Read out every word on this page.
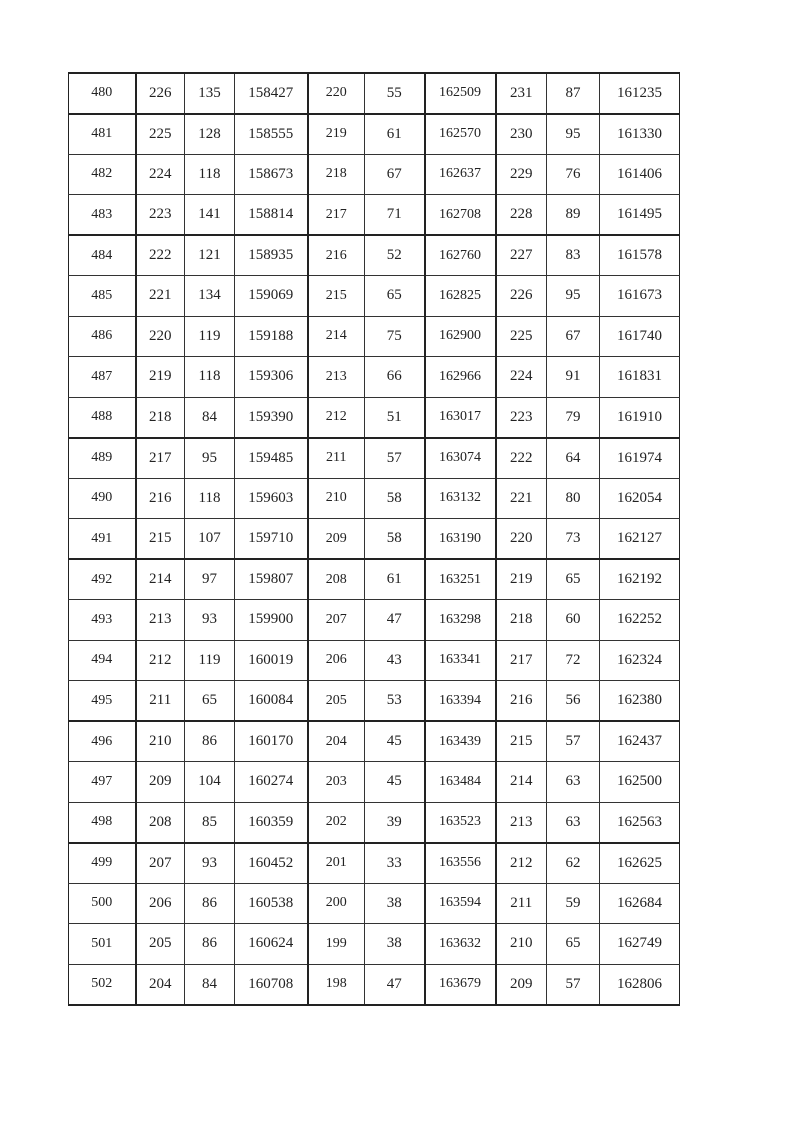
480	226	135	158427	220	55	162509	231	87	161235
481	225	128	158555	219	61	162570	230	95	161330
482	224	118	158673	218	67	162637	229	76	161406
483	223	141	158814	217	71	162708	228	89	161495
484	222	121	158935	216	52	162760	227	83	161578
485	221	134	159069	215	65	162825	226	95	161673
486	220	119	159188	214	75	162900	225	67	161740
487	219	118	159306	213	66	162966	224	91	161831
488	218	84	159390	212	51	163017	223	79	161910
489	217	95	159485	211	57	163074	222	64	161974
490	216	118	159603	210	58	163132	221	80	162054
491	215	107	159710	209	58	163190	220	73	162127
492	214	97	159807	208	61	163251	219	65	162192
493	213	93	159900	207	47	163298	218	60	162252
494	212	119	160019	206	43	163341	217	72	162324
495	211	65	160084	205	53	163394	216	56	162380
496	210	86	160170	204	45	163439	215	57	162437
497	209	104	160274	203	45	163484	214	63	162500
498	208	85	160359	202	39	163523	213	63	162563
499	207	93	160452	201	33	163556	212	62	162625
500	206	86	160538	200	38	163594	211	59	162684
501	205	86	160624	199	38	163632	210	65	162749
502	204	84	160708	198	47	163679	209	57	162806
